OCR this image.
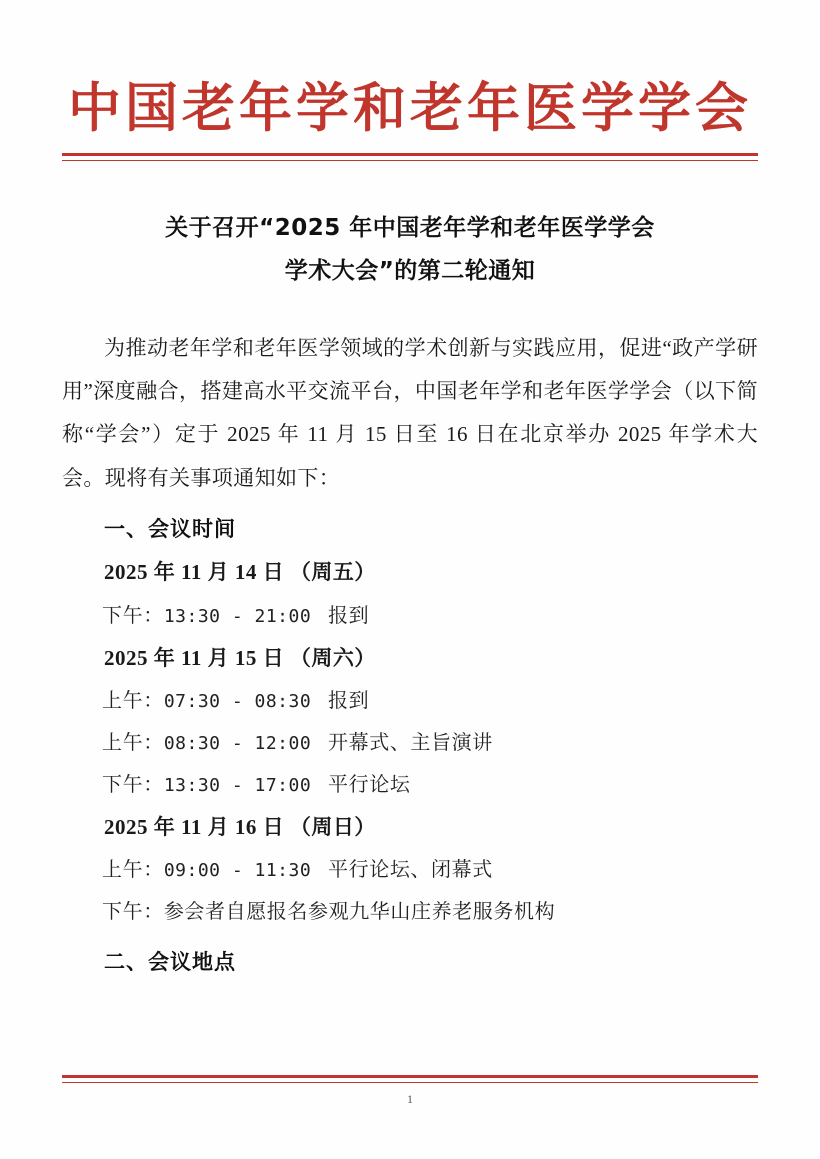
中国老年学和老年医学学会
关于召开“2025 年中国老年学和老年医学学会
学术大会”的第二轮通知

为推动老年学和老年医学领域的学术创新与实践应用，促进“政产学研用”深度融合，搭建高水平交流平台，中国老年学和老年医学学会（以下简称“学会”）定于 2025 年 11 月 15 日至 16 日在北京举办 2025 年学术大会。现将有关事项通知如下：

一、会议时间

2025 年 11 月 14 日 （周五）

下午：13:30 - 21:00 报到

2025 年 11 月 15 日 （周六）

上午：07:30 - 08:30 报到

上午：08:30 - 12:00 开幕式、主旨演讲

下午：13:30 - 17:00 平行论坛

2025 年 11 月 16 日 （周日）

上午：09:00 - 11:30 平行论坛、闭幕式

下午：参会者自愿报名参观九华山庄养老服务机构

二、会议地点

1
